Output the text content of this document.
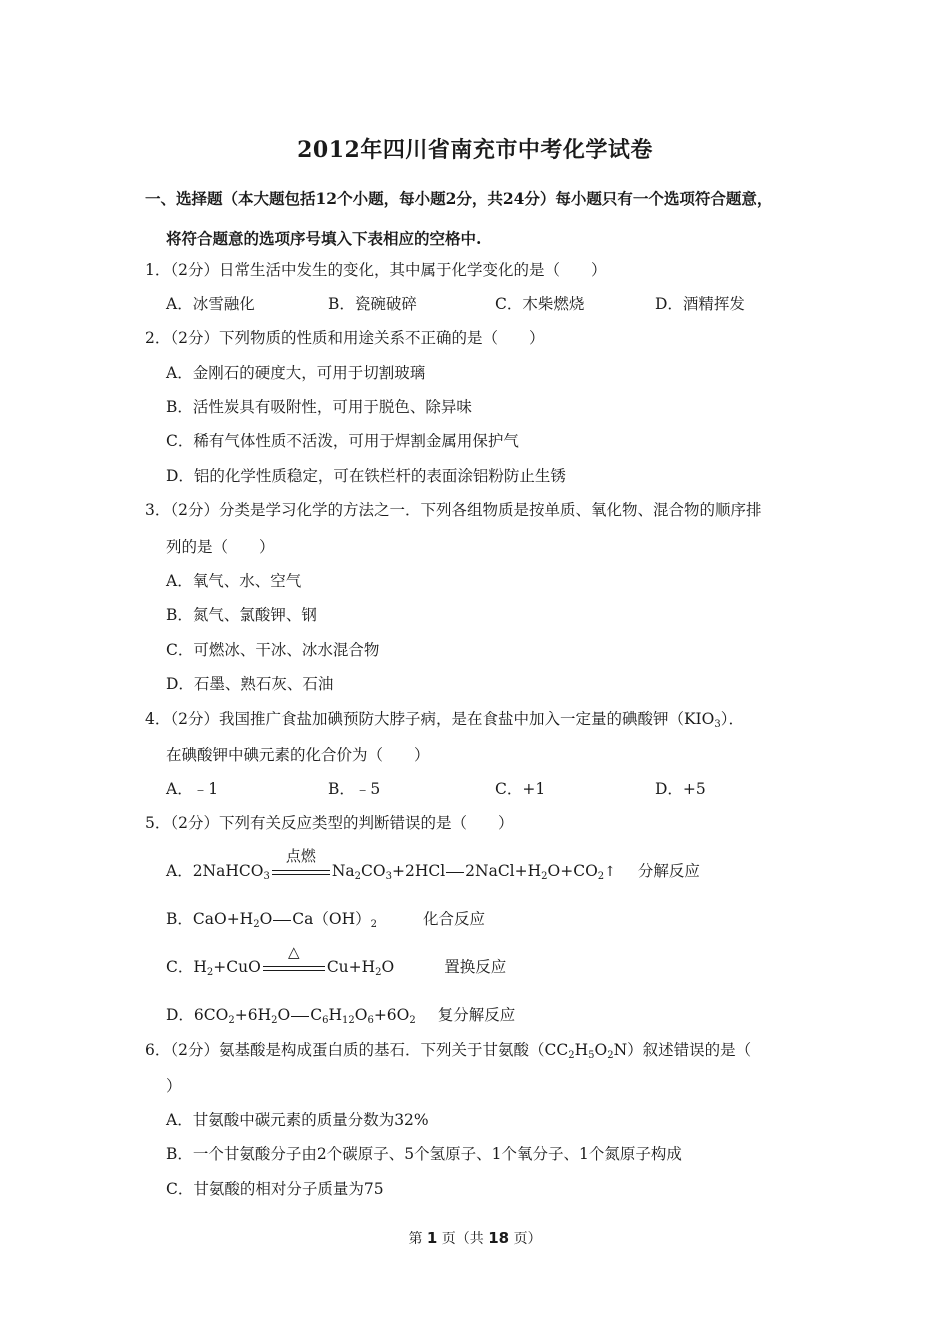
2012年四川省南充市中考化学试卷
一、选择题（本大题包括12个小题，每小题2分，共24分）每小题只有一个选项符合题意，
将符合题意的选项序号填入下表相应的空格中.
1．（2分）日常生活中发生的变化，其中属于化学变化的是（　　）
A．冰雪融化	B．瓷碗破碎	C．木柴燃烧	D．酒精挥发
2．（2分）下列物质的性质和用途关系不正确的是（　　）
A．金刚石的硬度大，可用于切割玻璃
B．活性炭具有吸附性，可用于脱色、除异味
C．稀有气体性质不活泼，可用于焊割金属用保护气
D．铝的化学性质稳定，可在铁栏杆的表面涂铝粉防止生锈
3．（2分）分类是学习化学的方法之一．下列各组物质是按单质、氧化物、混合物的顺序排
列的是（　　）
A．氧气、水、空气
B．氮气、氯酸钾、钢
C．可燃冰、干冰、冰水混合物
D．石墨、熟石灰、石油
4．（2分）我国推广食盐加碘预防大脖子病，是在食盐中加入一定量的碘酸钾$(KIO_3)$．
在碘酸钾中碘元素的化合价为（　　）
A．﹣1	B．﹣5	C．+1	D．+5
5．（2分）下列有关反应类型的判断错误的是（　　）
A．2NaHCO$_3$
点燃
$Na_2CO_3+2HCl$ $2NaCl+H_2O+CO_2↑$ 分解反应
B．$CaO+H_2O$ $Ca(OH)_2$	化合反应
C．$H_2+CuO$
△
$Cu+H_2O$	置换反应
D．$6CO_2+6H_2O$ $C_6H_{12}O_6+6O_2$ 复分解反应
6．（2分）氨基酸是构成蛋白质的基石．下列关于甘氨酸$(CC_2H_5O_2N)$叙述错误的是（
）
A．甘氨酸中碳元素的质量分数为32%
B．一个甘氨酸分子由2个碳原子、5个氢原子、1个氧分子、1个氮原子构成
C．甘氨酸的相对分子质量为75
第 1 页（共 18 页）
